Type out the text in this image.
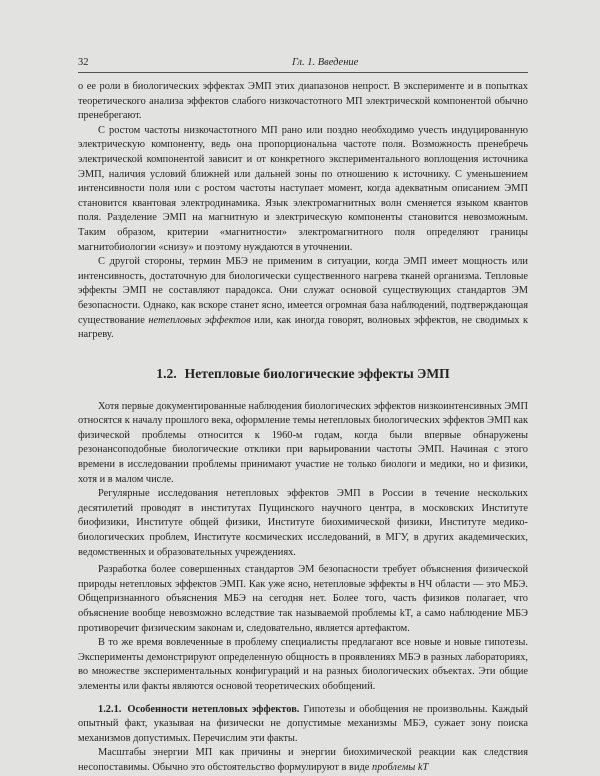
32	Гл. 1. Введение

о ее роли в биологических эффектах ЭМП этих диапазонов непрост. В эксперименте и в попытках теоретического анализа эффектов слабого низкочастотного МП электрической компонентой обычно пренебрегают.

С ростом частоты низкочастотного МП рано или поздно необходимо учесть индуцированную электрическую компоненту, ведь она пропорциональна частоте поля. Возможность пренебречь электрической компонентой зависит и от конкретного экспериментального воплощения источника ЭМП, наличия условий ближней или дальней зоны по отношению к источнику. С уменьшением интенсивности поля или с ростом частоты наступает момент, когда адекватным описанием ЭМП становится квантовая электродинамика. Язык электромагнитных волн сменяется языком квантов поля. Разделение ЭМП на магнитную и электрическую компоненты становится невозможным. Таким образом, критерии «магнитности» электромагнитного поля определяют границы магнитобиологии «снизу» и поэтому нуждаются в уточнении.

С другой стороны, термин МБЭ не применим в ситуации, когда ЭМП имеет мощность или интенсивность, достаточную для биологически существенного нагрева тканей организма. Тепловые эффекты ЭМП не составляют парадокса. Они служат основой существующих стандартов ЭМ безопасности. Однако, как вскоре станет ясно, имеется огромная база наблюдений, подтверждающая существование нетепловых эффектов или, как иногда говорят, волновых эффектов, не сводимых к нагреву.

1.2. Нетепловые биологические эффекты ЭМП

Хотя первые документированные наблюдения биологических эффектов низкоинтенсивных ЭМП относятся к началу прошлого века, оформление темы нетепловых биологических эффектов ЭМП как физической проблемы относится к 1960-м годам, когда были впервые обнаружены резонансоподобные биологические отклики при варьировании частоты ЭМП. Начиная с этого времени в исследовании проблемы принимают участие не только биологи и медики, но и физики, хотя и в малом числе.

Регулярные исследования нетепловых эффектов ЭМП в России в течение нескольких десятилетий проводят в институтах Пущинского научного центра, в московских Институте биофизики, Институте общей физики, Институте биохимической физики, Институте медико-биологических проблем, Институте космических исследований, в МГУ, в других академических, ведомственных и образовательных учреждениях.

Разработка более совершенных стандартов ЭМ безопасности требует объяснения физической природы нетепловых эффектов ЭМП. Как уже ясно, нетепловые эффекты в НЧ области — это МБЭ. Общепризнанного объяснения МБЭ на сегодня нет. Более того, часть физиков полагает, что объяснение вообще невозможно вследствие так называемой проблемы kT, а само наблюдение МБЭ противоречит физическим законам и, следовательно, является артефактом.

В то же время вовлеченные в проблему специалисты предлагают все новые и новые гипотезы. Эксперименты демонстрируют определенную общность в проявлениях МБЭ в разных лабораториях, во множестве экспериментальных конфигураций и на разных биологических объектах. Эти общие элементы или факты являются основой теоретических обобщений.

1.2.1. Особенности нетепловых эффектов. Гипотезы и обобщения не произвольны. Каждый опытный факт, указывая на физически не допустимые механизмы МБЭ, сужает зону поиска механизмов допустимых. Перечислим эти факты.

Масштабы энергии МП как причины и энергии биохимической реакции как следствия несопоставимы. Обычно это обстоятельство формулируют в виде проблемы kT
